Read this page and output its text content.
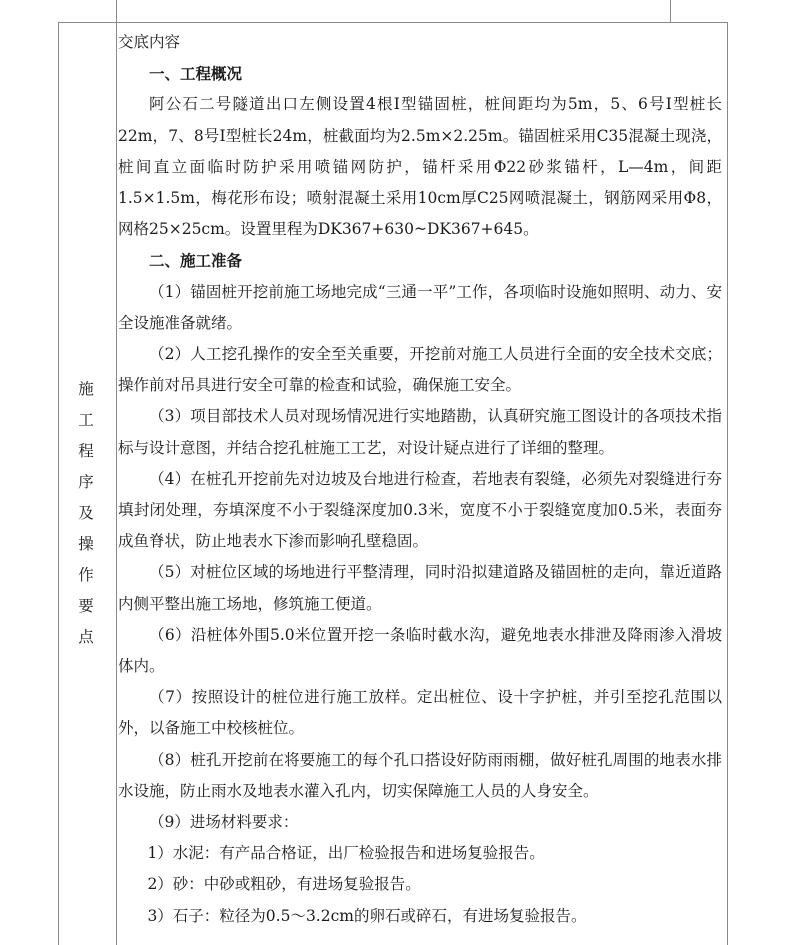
施
工
程
序
及
操
作
要
点

交底内容

一、工程概况

阿公石二号隧道出口左侧设置4根Ⅰ型锚固桩，桩间距均为5m，5、6号Ⅰ型桩长22m，7、8号Ⅰ型桩长24m，桩截面均为2.5m×2.25m。锚固桩采用C35混凝土现浇，桩间直立面临时防护采用喷锚网防护，锚杆采用Φ22砂浆锚杆，L—4m，间距1.5×1.5m，梅花形布设；喷射混凝土采用10cm厚C25网喷混凝土，钢筋网采用Φ8，网格25×25cm。设置里程为DK367+630~DK367+645。

二、施工准备

（1）锚固桩开挖前施工场地完成“三通一平”工作，各项临时设施如照明、动力、安全设施准备就绪。

（2）人工挖孔操作的安全至关重要，开挖前对施工人员进行全面的安全技术交底；操作前对吊具进行安全可靠的检查和试验，确保施工安全。

（3）项目部技术人员对现场情况进行实地踏勘，认真研究施工图设计的各项技术指标与设计意图，并结合挖孔桩施工工艺，对设计疑点进行了详细的整理。

（4）在桩孔开挖前先对边坡及台地进行检查，若地表有裂缝，必须先对裂缝进行夯填封闭处理，夯填深度不小于裂缝深度加0.3米，宽度不小于裂缝宽度加0.5米，表面夯成鱼脊状，防止地表水下渗而影响孔壁稳固。

（5）对桩位区域的场地进行平整清理，同时沿拟建道路及锚固桩的走向，靠近道路内侧平整出施工场地，修筑施工便道。

（6）沿桩体外围5.0米位置开挖一条临时截水沟，避免地表水排泄及降雨渗入滑坡体内。

（7）按照设计的桩位进行施工放样。定出桩位、设十字护桩，并引至挖孔范围以外，以备施工中校核桩位。

（8）桩孔开挖前在将要施工的每个孔口搭设好防雨雨棚，做好桩孔周围的地表水排水设施，防止雨水及地表水灌入孔内，切实保障施工人员的人身安全。

（9）进场材料要求：

1）水泥：有产品合格证，出厂检验报告和进场复验报告。

2）砂：中砂或粗砂，有进场复验报告。

3）石子：粒径为0.5～3.2cm的卵石或碎石，有进场复验报告。
